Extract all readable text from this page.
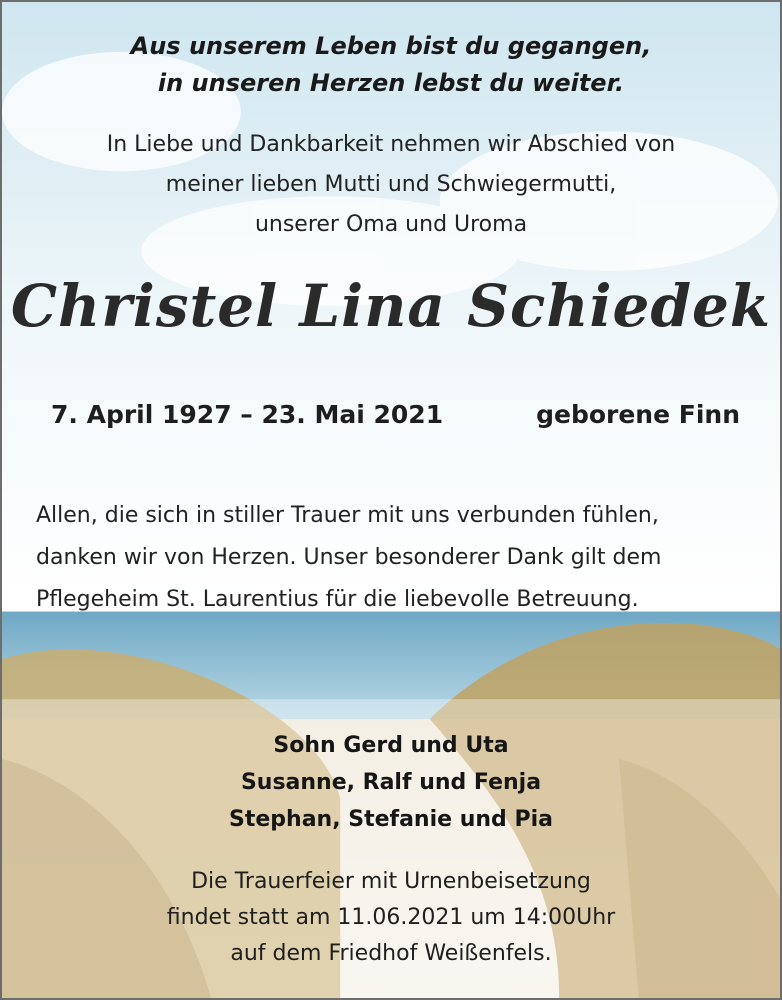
Aus unserem Leben bist du gegangen,
in unseren Herzen lebst du weiter.
In Liebe und Dankbarkeit nehmen wir Abschied von
meiner lieben Mutti und Schwiegermutti,
unserer Oma und Uroma
Christel Lina Schiedek
7. April 1927 – 23. Mai 2021	geborene Finn
Allen, die sich in stiller Trauer mit uns verbunden fühlen,
danken wir von Herzen. Unser besonderer Dank gilt dem
Pflegeheim St. Laurentius für die liebevolle Betreuung.
Sohn Gerd und Uta
Susanne, Ralf und Fenja
Stephan, Stefanie und Pia
Die Trauerfeier mit Urnenbeisetzung
findet statt am 11.06.2021 um 14:00Uhr
auf dem Friedhof Weißenfels.
